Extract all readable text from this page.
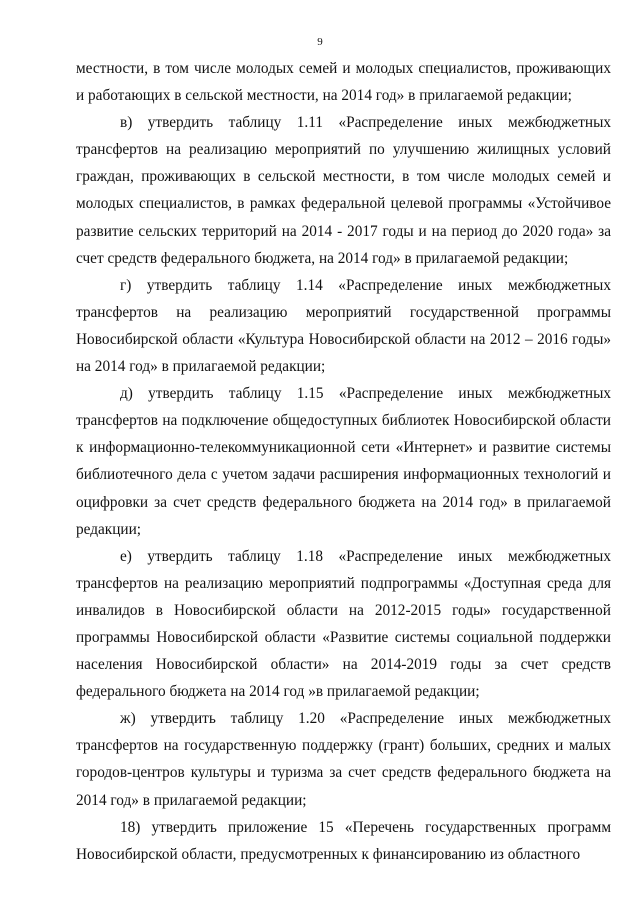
9

местности, в том числе молодых семей и молодых специалистов, проживающих и работающих в сельской местности, на 2014 год» в прилагаемой редакции;

в) утвердить таблицу 1.11 «Распределение иных межбюджетных трансфертов на реализацию мероприятий по улучшению жилищных условий граждан, проживающих в сельской местности, в том числе молодых семей и молодых специалистов, в рамках федеральной целевой программы «Устойчивое развитие сельских территорий на 2014 - 2017 годы и на период до 2020 года» за счет средств федерального бюджета, на 2014 год» в прилагаемой редакции;

г) утвердить таблицу 1.14 «Распределение иных межбюджетных трансфертов на реализацию мероприятий государственной программы Новосибирской области «Культура Новосибирской области на 2012 – 2016 годы» на 2014 год» в прилагаемой редакции;

д) утвердить таблицу 1.15 «Распределение иных межбюджетных трансфертов на подключение общедоступных библиотек Новосибирской области к информационно-телекоммуникационной сети «Интернет» и развитие системы библиотечного дела с учетом задачи расширения информационных технологий и оцифровки за счет средств федерального бюджета на 2014 год» в прилагаемой редакции;

е) утвердить таблицу 1.18 «Распределение иных межбюджетных трансфертов на реализацию мероприятий подпрограммы «Доступная среда для инвалидов в Новосибирской области на 2012-2015 годы» государственной программы Новосибирской области «Развитие системы социальной поддержки населения Новосибирской области» на 2014-2019 годы за счет средств федерального бюджета на 2014 год »в прилагаемой редакции;

ж) утвердить таблицу 1.20 «Распределение иных межбюджетных трансфертов на государственную поддержку (грант) больших, средних и малых городов-центров культуры и туризма за счет средств федерального бюджета на 2014 год» в прилагаемой редакции;

18) утвердить приложение 15 «Перечень государственных программ Новосибирской области, предусмотренных к финансированию из областного
